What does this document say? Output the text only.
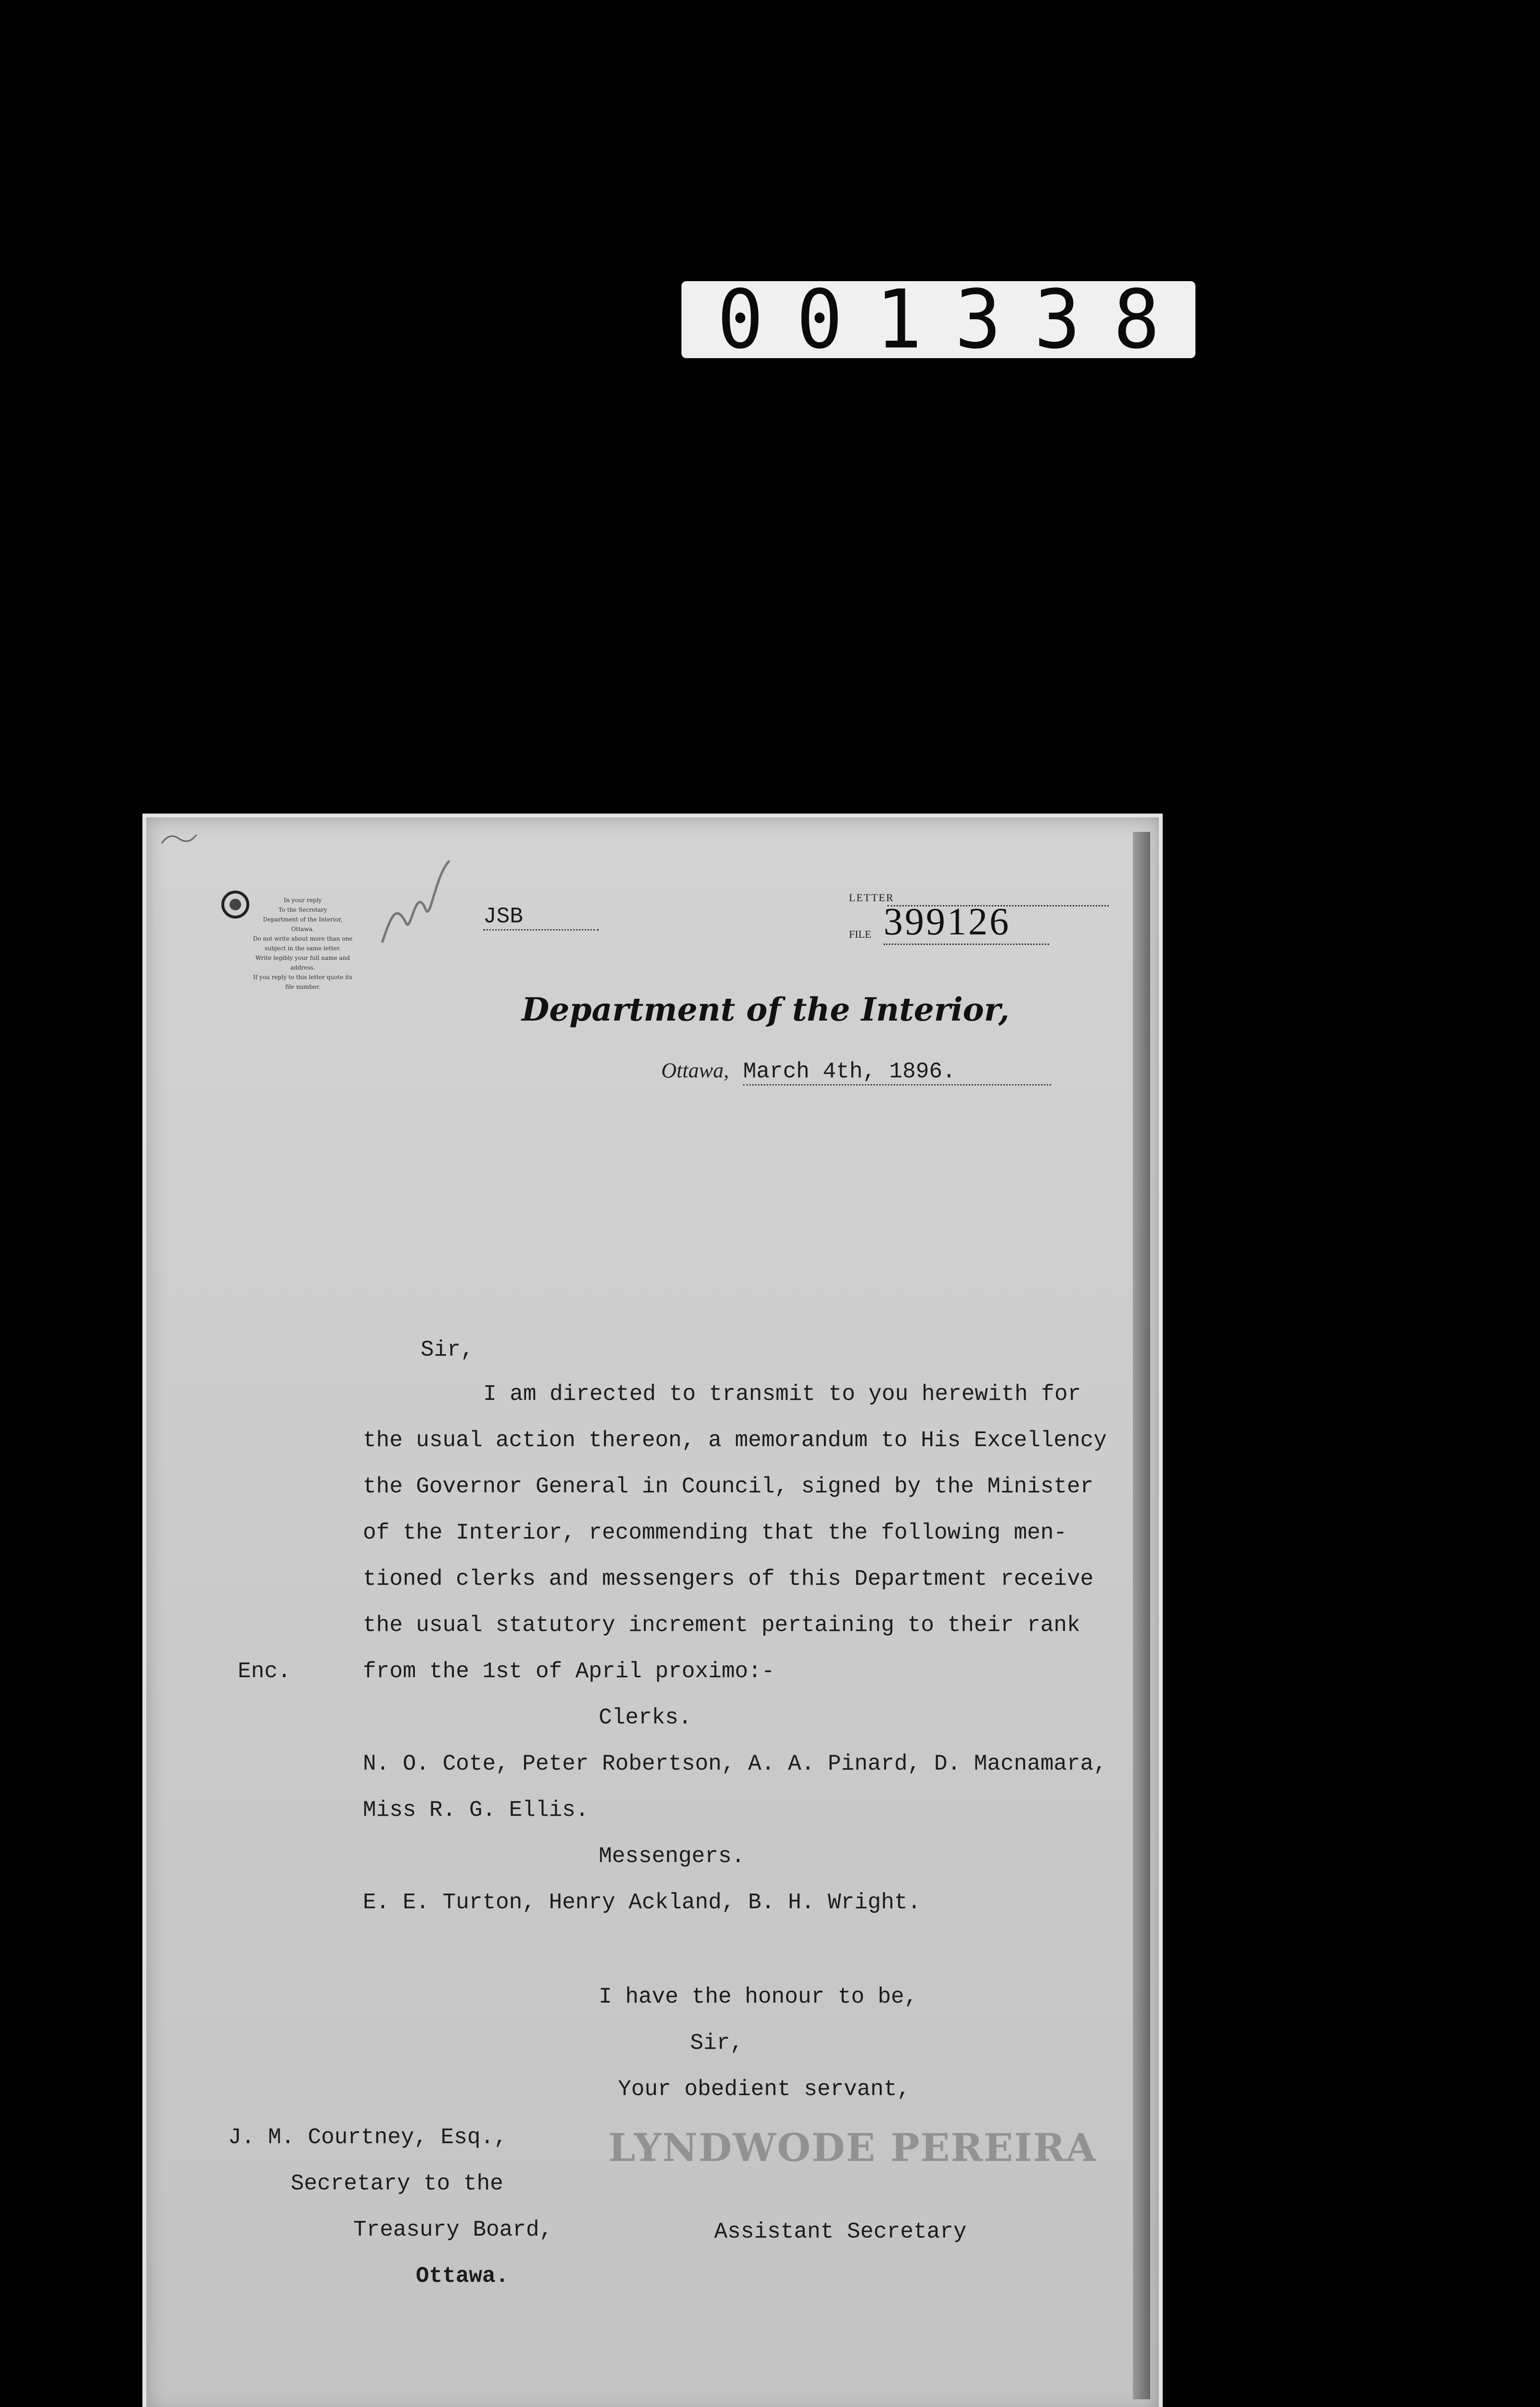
0 0 1 3 3 8

In your reply

To the Secretary

Department of the Interior,

Ottawa.

Do not write about more than one

subject in the same letter.

Write legibly your full name and

address.

If you reply to this letter quote its

file number.

JSB
LETTER
FILE 399126
Department of the Interior,
Ottawa, March 4th, 1896.
Sir,
I am directed to transmit to you herewith for
the usual action thereon, a memorandum to His Excellency
the Governor General in Council, signed by the Minister
of the Interior, recommending that the following men-
tioned clerks and messengers of this Department receive
the usual statutory increment pertaining to their rank
from the 1st of April proximo:-
Enc.
Clerks.
N. O. Cote, Peter Robertson, A. A. Pinard, D. Macnamara,
Miss R. G. Ellis.
Messengers.
E. E. Turton, Henry Ackland, B. H. Wright.
I have the honour to be,
Sir,
Your obedient servant,
LYNDWODE PEREIRA
Assistant Secretary
J. M. Courtney, Esq.,
Secretary to the
Treasury Board,
Ottawa.
